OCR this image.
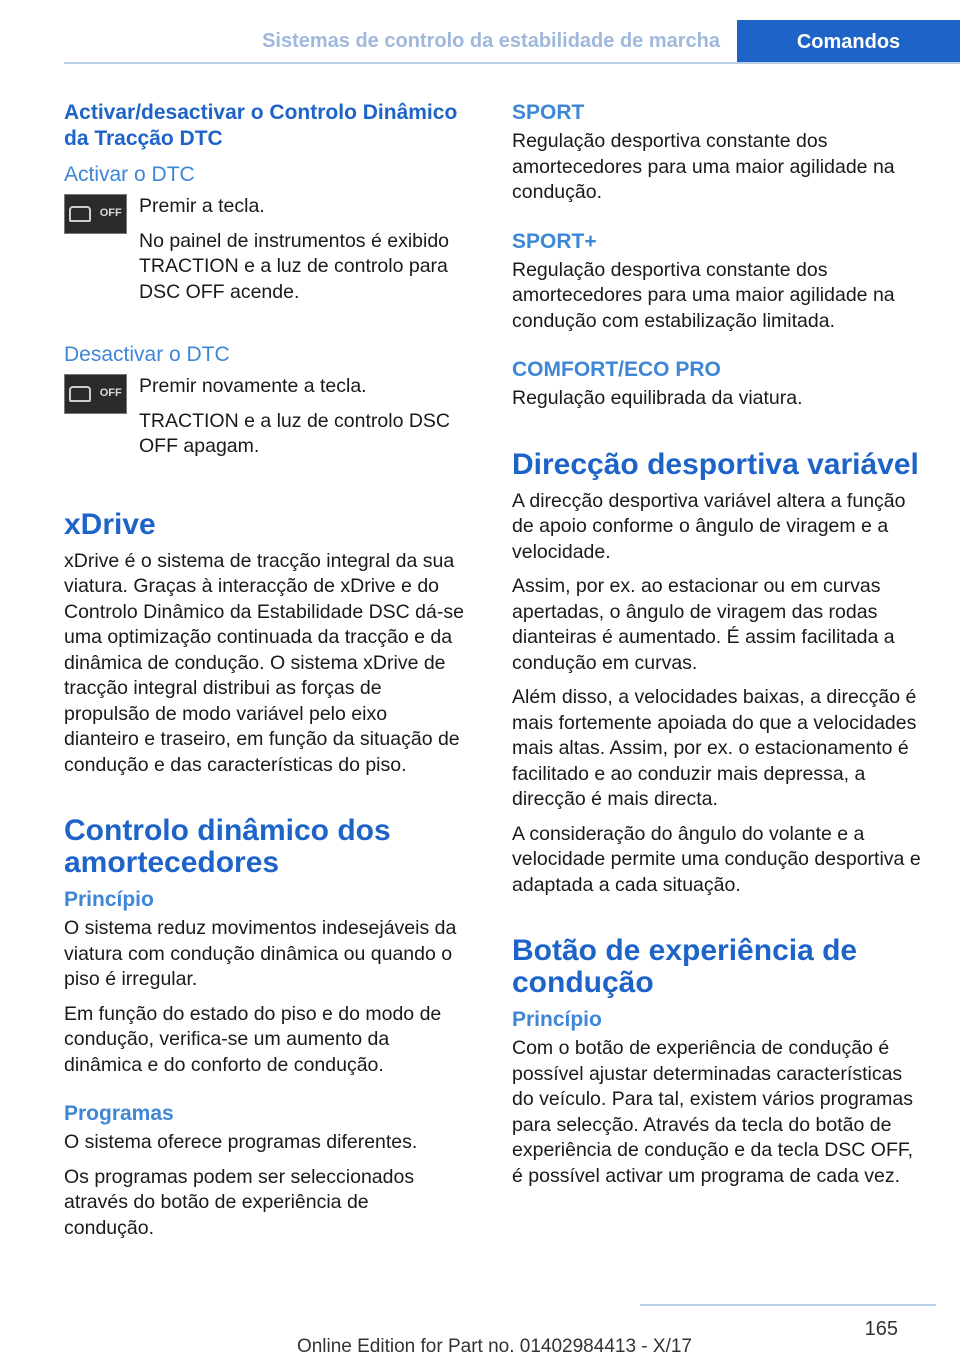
Sistemas de controlo da estabilidade de marcha	Comandos
Activar/desactivar o Controlo Dinâmico da Tracção DTC
Activar o DTC
OFF Premir a tecla.

No painel de instrumentos é exibido TRACTION e a luz de controlo para DSC OFF acende.

Desactivar o DTC
OFF Premir novamente a tecla.

TRACTION e a luz de controlo DSC OFF apagam.

xDrive

xDrive é o sistema de tracção integral da sua viatura. Graças à interacção de xDrive e do Controlo Dinâmico da Estabilidade DSC dá-se uma optimização continuada da tracção e da dinâmica de condução. O sistema xDrive de tracção integral distribui as forças de propulsão de modo variável pelo eixo dianteiro e traseiro, em função da situação de condução e das características do piso.

Controlo dinâmico dos amortecedores
Princípio

O sistema reduz movimentos indesejáveis da viatura com condução dinâmica ou quando o piso é irregular.

Em função do estado do piso e do modo de condução, verifica-se um aumento da dinâmica e do conforto de condução.

Programas

O sistema oferece programas diferentes.

Os programas podem ser seleccionados através do botão de experiência de condução.

SPORT

Regulação desportiva constante dos amortecedores para uma maior agilidade na condução.

SPORT+

Regulação desportiva constante dos amortecedores para uma maior agilidade na condução com estabilização limitada.

COMFORT/ECO PRO

Regulação equilibrada da viatura.

Direcção desportiva variável

A direcção desportiva variável altera a função de apoio conforme o ângulo de viragem e a velocidade.

Assim, por ex. ao estacionar ou em curvas apertadas, o ângulo de viragem das rodas dianteiras é aumentado. É assim facilitada a condução em curvas.

Além disso, a velocidades baixas, a direcção é mais fortemente apoiada do que a velocidades mais altas. Assim, por ex. o estacionamento é facilitado e ao conduzir mais depressa, a direcção é mais directa.

A consideração do ângulo do volante e a velocidade permite uma condução desportiva e adaptada a cada situação.

Botão de experiência de condução
Princípio

Com o botão de experiência de condução é possível ajustar determinadas características do veículo. Para tal, existem vários programas para selecção. Através da tecla do botão de experiência de condução e da tecla DSC OFF, é possível activar um programa de cada vez.

165
Online Edition for Part no. 01402984413 - X/17
